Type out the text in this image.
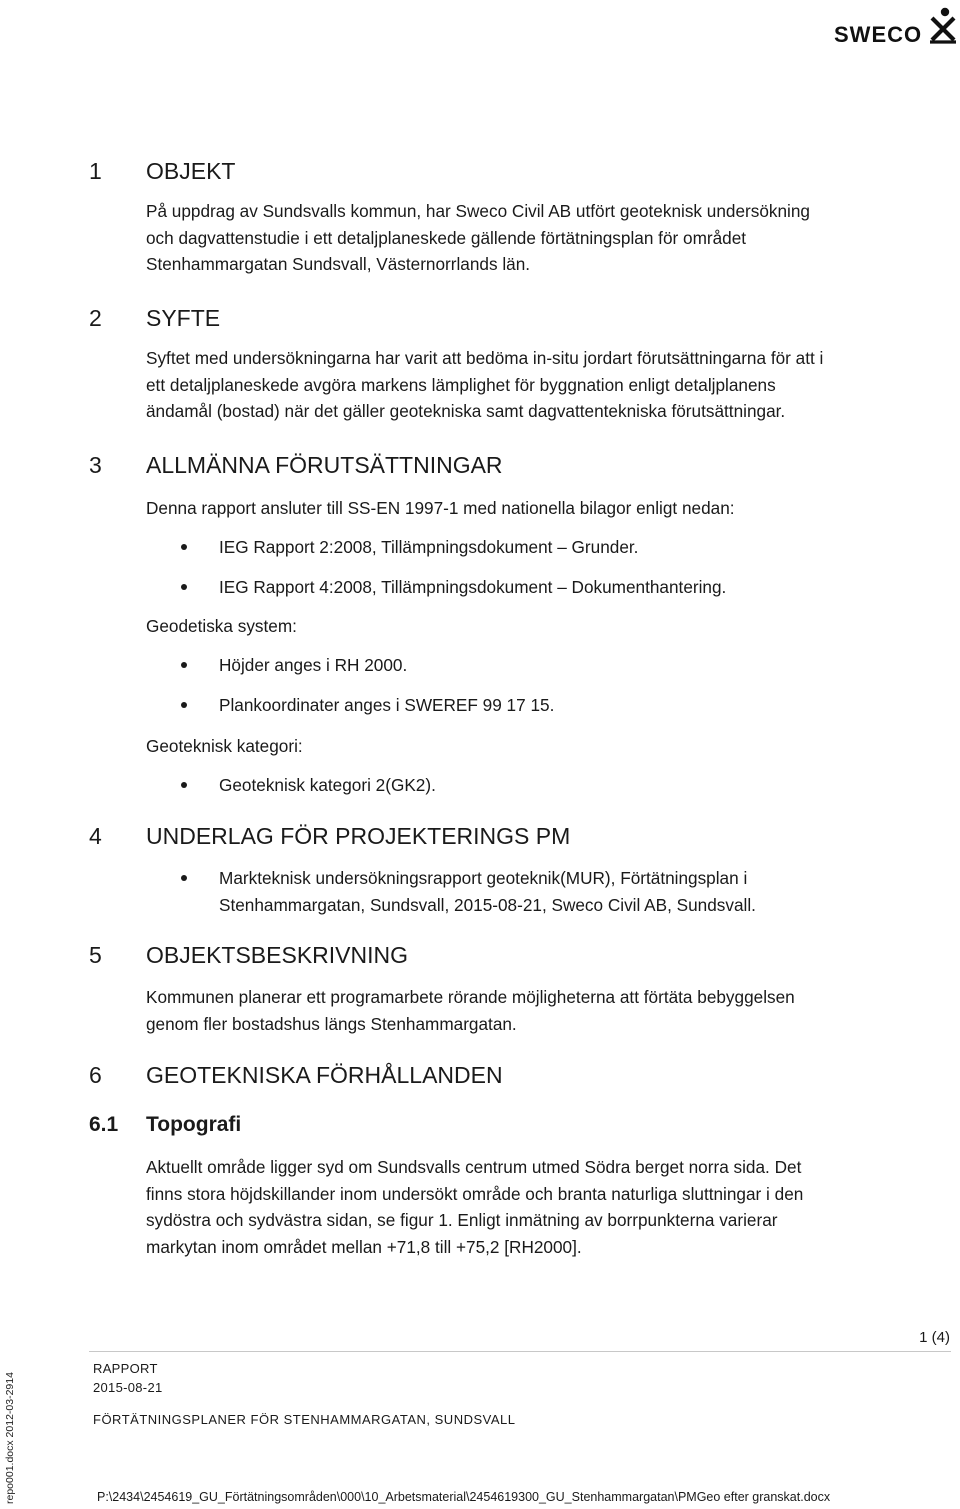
SWECO
1 OBJEKT
På uppdrag av Sundsvalls kommun, har Sweco Civil AB utfört geoteknisk undersökning
och dagvattenstudie i ett detaljplaneskede gällende förtätningsplan för området
Stenhammargatan Sundsvall, Västernorrlands län.
2 SYFTE
Syftet med undersökningarna har varit att bedöma in-situ jordart förutsättningarna för att i
ett detaljplaneskede avgöra markens lämplighet för byggnation enligt detaljplanens
ändamål (bostad) när det gäller geotekniska samt dagvattentekniska förutsättningar.
3 ALLMÄNNA FÖRUTSÄTTNINGAR
Denna rapport ansluter till SS-EN 1997-1 med nationella bilagor enligt nedan:
IEG Rapport 2:2008, Tillämpningsdokument – Grunder.
IEG Rapport 4:2008, Tillämpningsdokument – Dokumenthantering.
Geodetiska system:
Höjder anges i RH 2000.
Plankoordinater anges i SWEREF 99 17 15.
Geoteknisk kategori:
Geoteknisk kategori 2(GK2).
4 UNDERLAG FÖR PROJEKTERINGS PM
Markteknisk undersökningsrapport geoteknik(MUR), Förtätningsplan i
Stenhammargatan, Sundsvall, 2015-08-21, Sweco Civil AB, Sundsvall.
5 OBJEKTSBESKRIVNING
Kommunen planerar ett programarbete rörande möjligheterna att förtäta bebyggelsen
genom fler bostadshus längs Stenhammargatan.
6 GEOTEKNISKA FÖRHÅLLANDEN
6.1 Topografi
Aktuellt område ligger syd om Sundsvalls centrum utmed Södra berget norra sida. Det
finns stora höjdskillander inom undersökt område och branta naturliga sluttningar i den
sydöstra och sydvästra sidan, se figur 1. Enligt inmätning av borrpunkterna varierar
markytan inom området mellan +71,8 till +75,2 [RH2000].
1 (4)
RAPPORT
2015-08-21
FÖRTÄTNINGSPLANER FÖR STENHAMMARGATAN, SUNDSVALL
P:\2434\2454619_GU_Förtätningsområden\000\10_Arbetsmaterial\2454619300_GU_Stenhammargatan\PMGeo efter granskat.docx
repo001.docx 2012-03-2914
